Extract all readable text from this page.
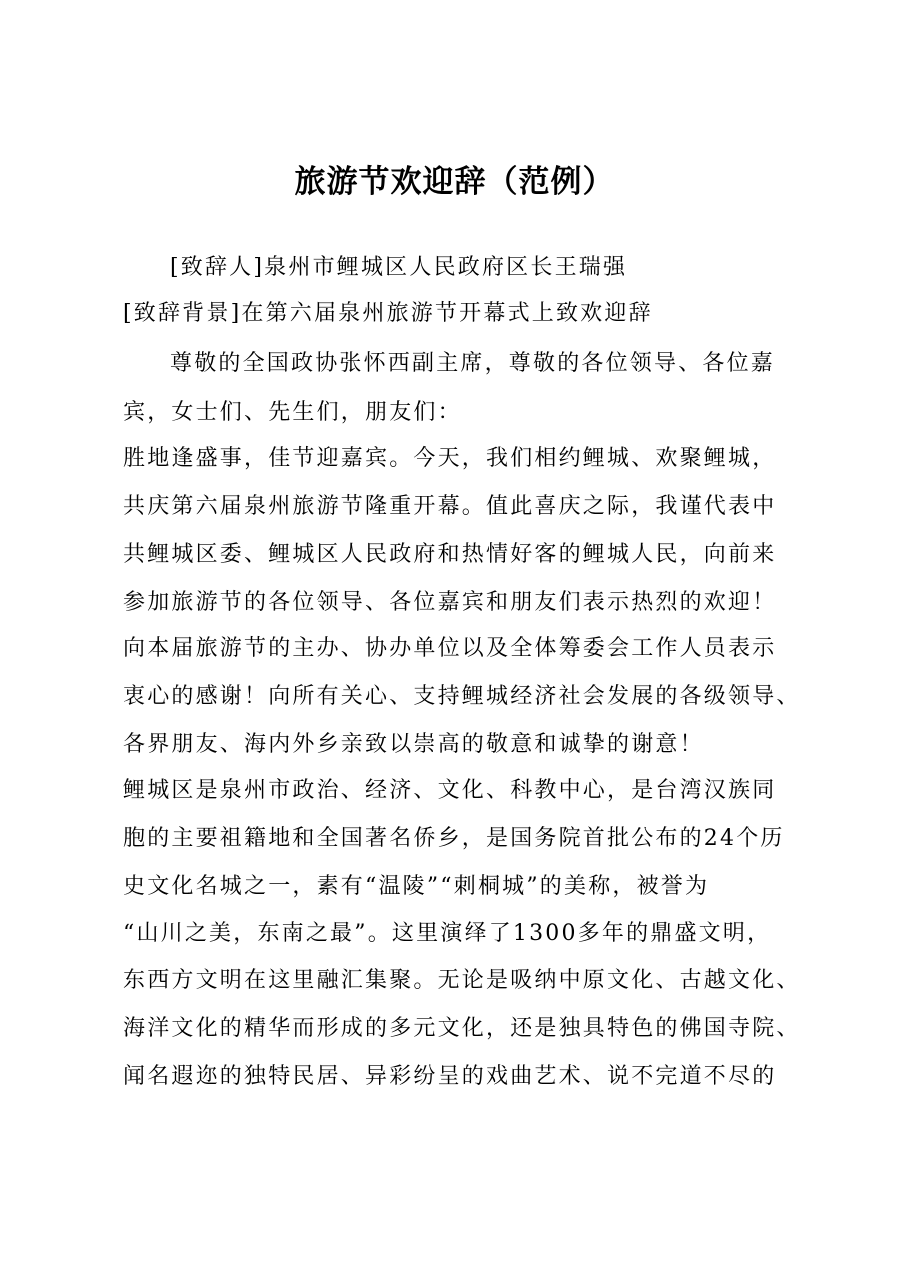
旅游节欢迎辞（范例）
[致辞人]泉州市鲤城区人民政府区长王瑞强
[致辞背景]在第六届泉州旅游节开幕式上致欢迎辞
尊敬的全国政协张怀西副主席，尊敬的各位领导、各位嘉
宾，女士们、先生们，朋友们：
胜地逢盛事，佳节迎嘉宾。今天，我们相约鲤城、欢聚鲤城，
共庆第六届泉州旅游节隆重开幕。值此喜庆之际，我谨代表中
共鲤城区委、鲤城区人民政府和热情好客的鲤城人民，向前来
参加旅游节的各位领导、各位嘉宾和朋友们表示热烈的欢迎！
向本届旅游节的主办、协办单位以及全体筹委会工作人员表示
衷心的感谢！向所有关心、支持鲤城经济社会发展的各级领导、
各界朋友、海内外乡亲致以崇高的敬意和诚挚的谢意！
鲤城区是泉州市政治、经济、文化、科教中心，是台湾汉族同
胞的主要祖籍地和全国著名侨乡，是国务院首批公布的24个历
史文化名城之一，素有“温陵”“刺桐城”的美称，被誉为
“山川之美，东南之最”。这里演绎了1300多年的鼎盛文明，
东西方文明在这里融汇集聚。无论是吸纳中原文化、古越文化、
海洋文化的精华而形成的多元文化，还是独具特色的佛国寺院、
闻名遐迩的独特民居、异彩纷呈的戏曲艺术、说不完道不尽的
